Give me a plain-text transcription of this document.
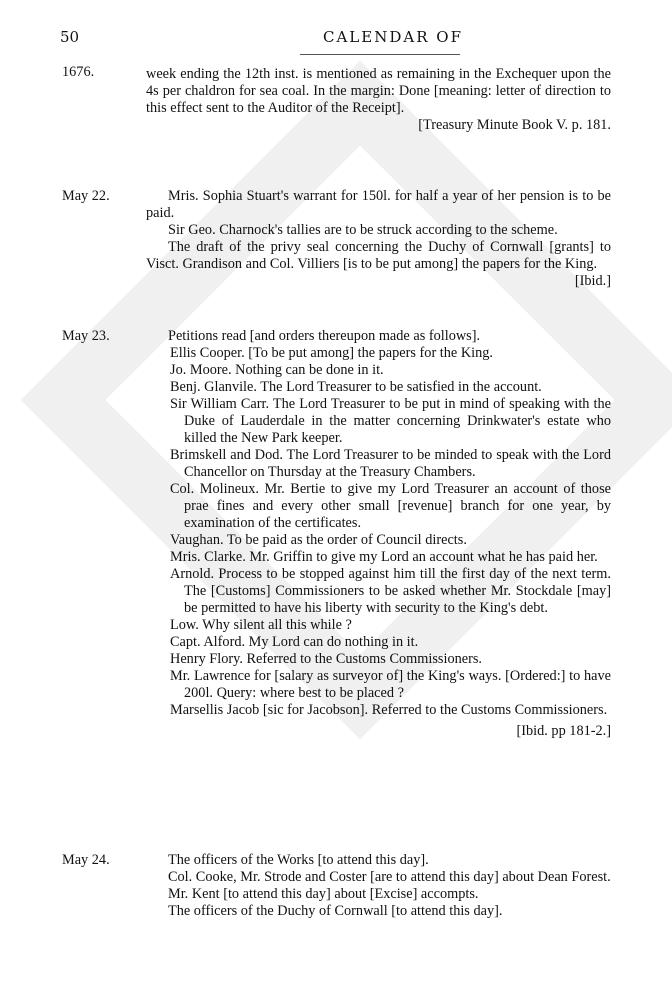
50	CALENDAR OF
1676.	week ending the 12th inst. is mentioned as remaining in the Exchequer upon the 4s per chaldron for sea coal. In the margin: Done [meaning: letter of direction to this effect sent to the Auditor of the Receipt].

[Treasury Minute Book V. p. 181.

May 22.	Mris. Sophia Stuart's warrant for 150l. for half a year of her pension is to be paid.

Sir Geo. Charnock's tallies are to be struck according to the scheme.

The draft of the privy seal concerning the Duchy of Cornwall [grants] to Visct. Grandison and Col. Villiers [is to be put among] the papers for the King.

[Ibid.]

May 23.	Petitions read [and orders thereupon made as follows].

Ellis Cooper. [To be put among] the papers for the King.

Jo. Moore. Nothing can be done in it.

Benj. Glanvile. The Lord Treasurer to be satisfied in the account.

Sir William Carr. The Lord Treasurer to be put in mind of speaking with the Duke of Lauderdale in the matter concerning Drinkwater's estate who killed the New Park keeper.

Brimskell and Dod. The Lord Treasurer to be minded to speak with the Lord Chancellor on Thursday at the Treasury Chambers.

Col. Molineux. Mr. Bertie to give my Lord Treasurer an account of those prae fines and every other small [revenue] branch for one year, by examination of the certificates.

Vaughan. To be paid as the order of Council directs.

Mris. Clarke. Mr. Griffin to give my Lord an account what he has paid her.

Arnold. Process to be stopped against him till the first day of the next term. The [Customs] Commissioners to be asked whether Mr. Stockdale [may] be permitted to have his liberty with security to the King's debt.

Low. Why silent all this while ?

Capt. Alford. My Lord can do nothing in it.

Henry Flory. Referred to the Customs Commissioners.

Mr. Lawrence for [salary as surveyor of] the King's ways. [Ordered:] to have 200l. Query: where best to be placed ?

Marsellis Jacob [sic for Jacobson]. Referred to the Customs Commissioners.

[Ibid. pp 181-2.]

May 24.	The officers of the Works [to attend this day].

Col. Cooke, Mr. Strode and Coster [are to attend this day] about Dean Forest.

Mr. Kent [to attend this day] about [Excise] accompts.

The officers of the Duchy of Cornwall [to attend this day].
